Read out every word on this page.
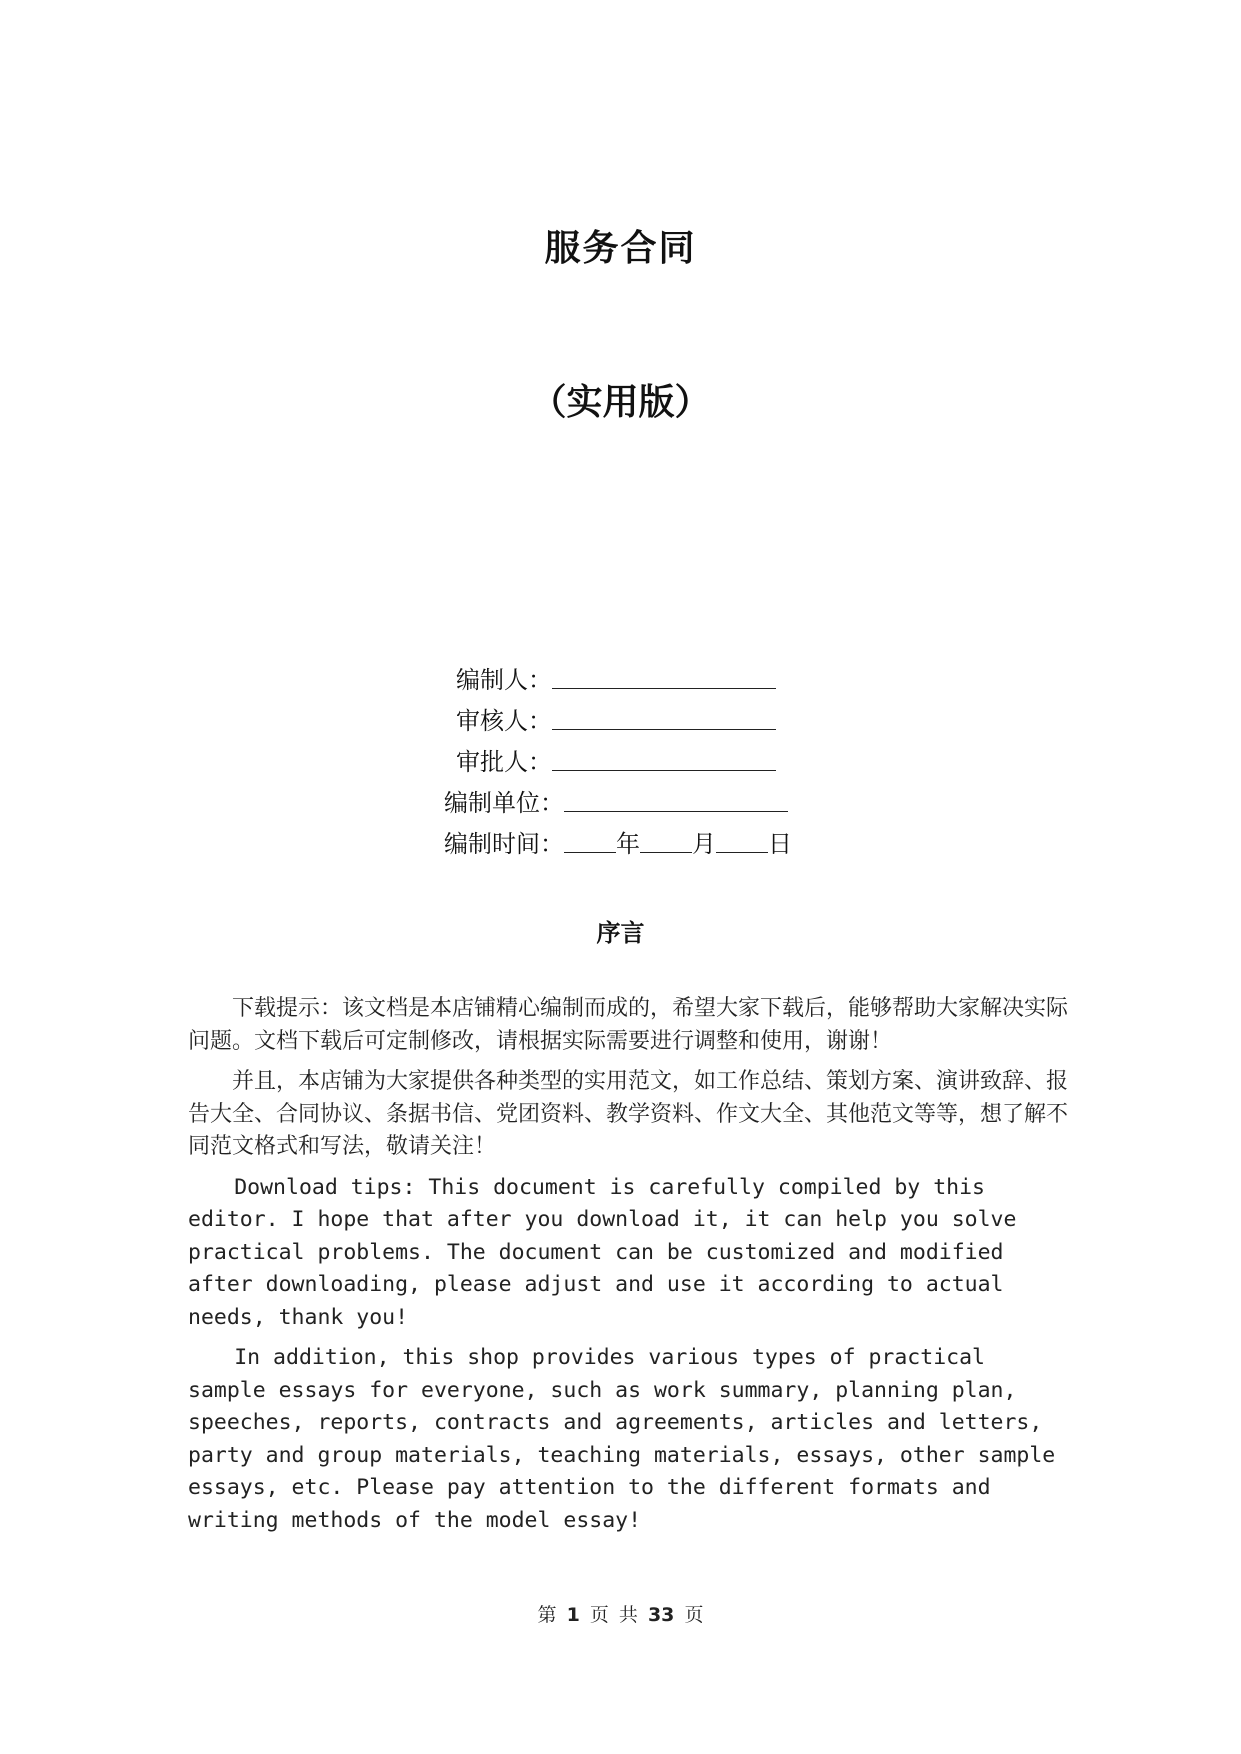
服务合同
（实用版）
编制人：
审核人：
审批人：
编制单位：
编制时间： 年 月 日
序言

下载提示：该文档是本店铺精心编制而成的，希望大家下载后，能够帮助大家解决实际问题。文档下载后可定制修改，请根据实际需要进行调整和使用，谢谢！

并且，本店铺为大家提供各种类型的实用范文，如工作总结、策划方案、演讲致辞、报告大全、合同协议、条据书信、党团资料、教学资料、作文大全、其他范文等等，想了解不同范文格式和写法，敬请关注！

Download tips: This document is carefully compiled by this editor. I hope that after you download it, it can help you solve practical problems. The document can be customized and modified after downloading, please adjust and use it according to actual needs, thank you!

In addition, this shop provides various types of practical sample essays for everyone, such as work summary, planning plan, speeches, reports, contracts and agreements, articles and letters, party and group materials, teaching materials, essays, other sample essays, etc. Please pay attention to the different formats and writing methods of the model essay!

第 1 页 共 33 页
